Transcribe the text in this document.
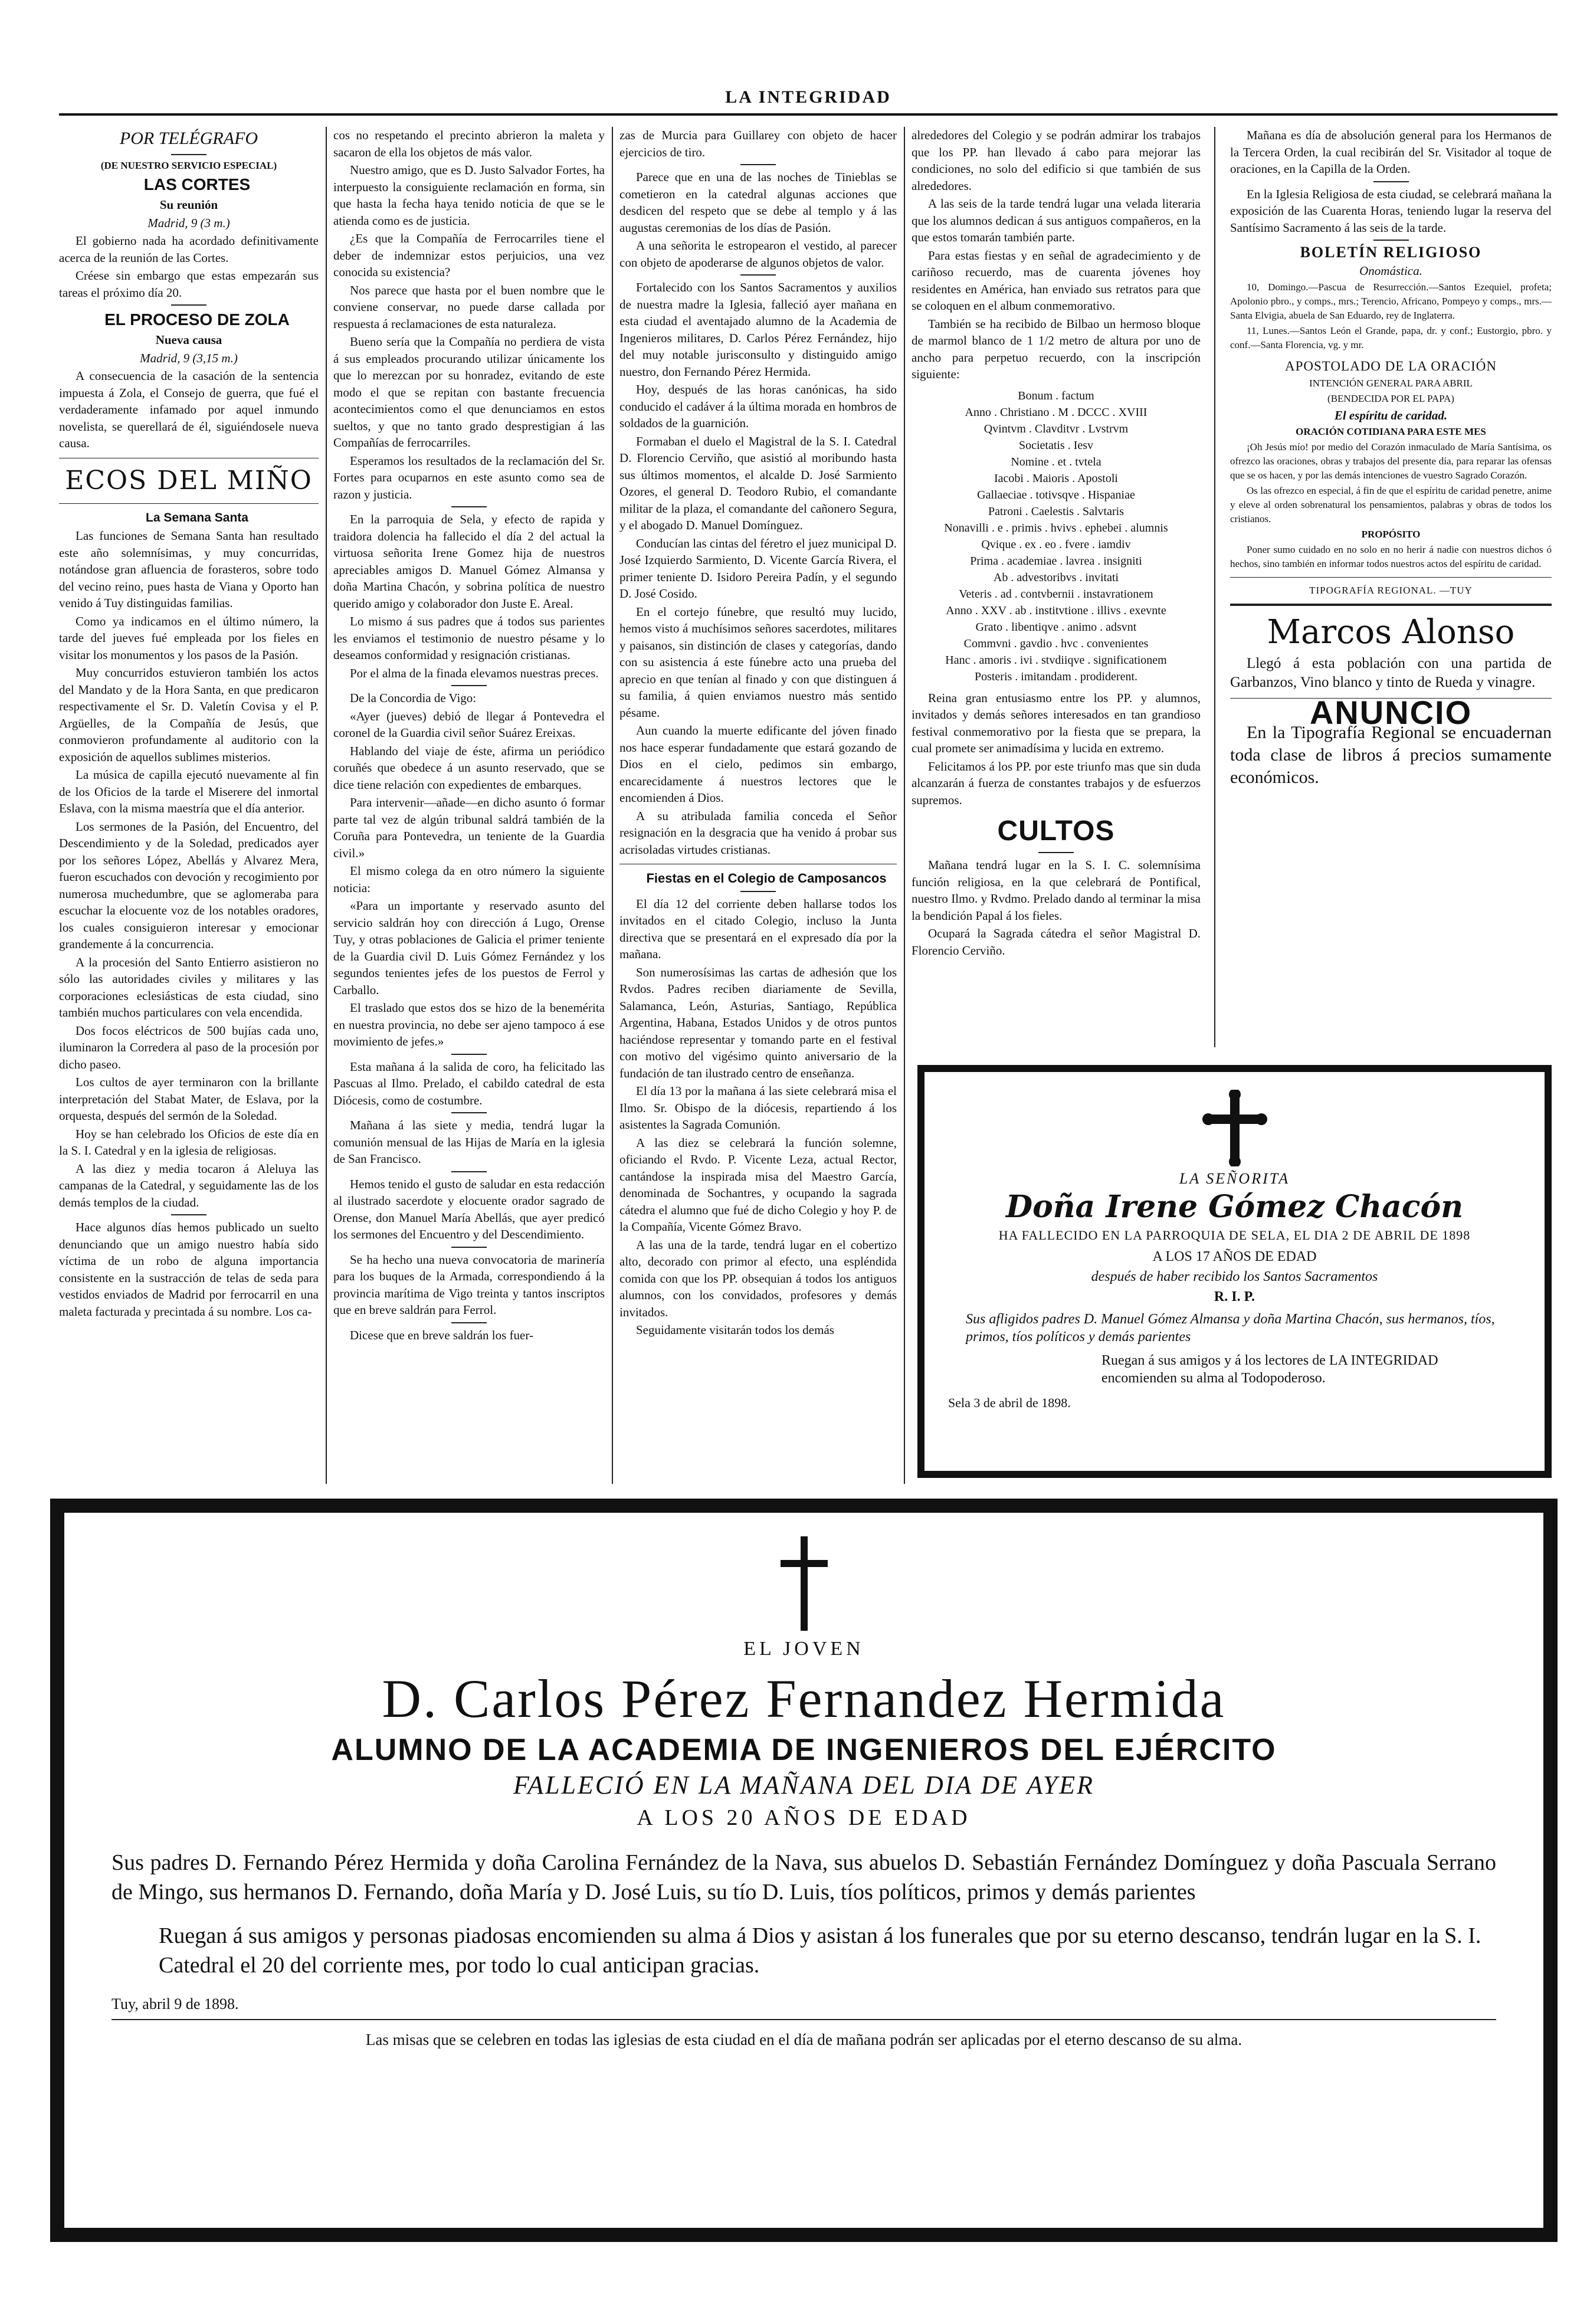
LA INTEGRIDAD

POR TELÉGRAFO

(DE NUESTRO SERVICIO ESPECIAL)

LAS CORTES

Su reunión

Madrid, 9 (3 m.)

El gobierno nada ha acordado definitivamente acerca de la reunión de las Cortes.

Créese sin embargo que estas empezarán sus tareas el próximo día 20.

EL PROCESO DE ZOLA

Nueva causa

Madrid, 9 (3,15 m.)

A consecuencia de la casación de la sentencia impuesta á Zola, el Consejo de guerra, que fué el verdaderamente infamado por aquel inmundo novelista, se querellará de él, siguiéndosele nueva causa.

ECOS DEL MIÑO

La Semana Santa

Las funciones de Semana Santa han resultado este año solemnísimas, y muy concurridas, notándose gran afluencia de forasteros, sobre todo del vecino reino, pues hasta de Viana y Oporto han venido á Tuy distinguidas familias.

Como ya indicamos en el último número, la tarde del jueves fué empleada por los fieles en visitar los monumentos y los pasos de la Pasión.

Muy concurridos estuvieron también los actos del Mandato y de la Hora Santa, en que predicaron respectivamente el Sr. D. Valetín Covisa y el P. Argüelles, de la Compañía de Jesús, que conmovieron profundamente al auditorio con la exposición de aquellos sublimes misterios.

La música de capilla ejecutó nuevamente al fin de los Oficios de la tarde el Miserere del inmortal Eslava, con la misma maestría que el día anterior.

Los sermones de la Pasión, del Encuentro, del Descendimiento y de la Soledad, predicados ayer por los señores López, Abellás y Alvarez Mera, fueron escuchados con devoción y recogimiento por numerosa muchedumbre, que se aglomeraba para escuchar la elocuente voz de los notables oradores, los cuales consiguieron interesar y emocionar grandemente á la concurrencia.

A la procesión del Santo Entierro asistieron no sólo las autoridades civiles y militares y las corporaciones eclesiásticas de esta ciudad, sino también muchos particulares con vela encendida.

Dos focos eléctricos de 500 bujías cada uno, iluminaron la Corredera al paso de la procesión por dicho paseo.

Los cultos de ayer terminaron con la brillante interpretación del Stabat Mater, de Eslava, por la orquesta, después del sermón de la Soledad.

Hoy se han celebrado los Oficios de este día en la S. I. Catedral y en la iglesia de religiosas.

A las diez y media tocaron á Aleluya las campanas de la Catedral, y seguidamente las de los demás templos de la ciudad.

Hace algunos días hemos publicado un suelto denunciando que un amigo nuestro había sido víctima de un robo de alguna importancia consistente en la sustracción de telas de seda para vestidos enviados de Madrid por ferrocarril en una maleta facturada y precintada á su nombre. Los ca-

cos no respetando el precinto abrieron la maleta y sacaron de ella los objetos de más valor.

Nuestro amigo, que es D. Justo Salvador Fortes, ha interpuesto la consiguiente reclamación en forma, sin que hasta la fecha haya tenido noticia de que se le atienda como es de justicia.

¿Es que la Compañía de Ferrocarriles tiene el deber de indemnizar estos perjuicios, una vez conocida su existencia?

Nos parece que hasta por el buen nombre que le conviene conservar, no puede darse callada por respuesta á reclamaciones de esta naturaleza.

Bueno sería que la Compañía no perdiera de vista á sus empleados procurando utilizar únicamente los que lo merezcan por su honradez, evitando de este modo el que se repitan con bastante frecuencia acontecimientos como el que denunciamos en estos sueltos, y que no tanto grado desprestigian á las Compañías de ferrocarriles.

Esperamos los resultados de la reclamación del Sr. Fortes para ocuparnos en este asunto como sea de razon y justicia.

En la parroquia de Sela, y efecto de rapida y traidora dolencia ha fallecido el día 2 del actual la virtuosa señorita Irene Gomez hija de nuestros apreciables amigos D. Manuel Gómez Almansa y doña Martina Chacón, y sobrina política de nuestro querido amigo y colaborador don Juste E. Areal.

Lo mismo á sus padres que á todos sus parientes les enviamos el testimonio de nuestro pésame y lo deseamos conformidad y resignación cristianas.

Por el alma de la finada elevamos nuestras preces.

De la Concordia de Vigo:

«Ayer (jueves) debió de llegar á Pontevedra el coronel de la Guardia civil señor Suárez Ereixas.

Hablando del viaje de éste, afirma un periódico coruñés que obedece á un asunto reservado, que se dice tiene relación con expedientes de embarques.

Para intervenir—añade—en dicho asunto ó formar parte tal vez de algún tribunal saldrá también de la Coruña para Pontevedra, un teniente de la Guardia civil.»

El mismo colega da en otro número la siguiente noticia:

«Para un importante y reservado asunto del servicio saldrán hoy con dirección á Lugo, Orense Tuy, y otras poblaciones de Galicia el primer teniente de la Guardia civil D. Luis Gómez Fernández y los segundos tenientes jefes de los puestos de Ferrol y Carballo.

El traslado que estos dos se hizo de la benemérita en nuestra provincia, no debe ser ajeno tampoco á ese movimiento de jefes.»

Esta mañana á la salida de coro, ha felicitado las Pascuas al Ilmo. Prelado, el cabildo catedral de esta Diócesis, como de costumbre.

Mañana á las siete y media, tendrá lugar la comunión mensual de las Hijas de María en la iglesia de San Francisco.

Hemos tenido el gusto de saludar en esta redacción al ilustrado sacerdote y elocuente orador sagrado de Orense, don Manuel María Abellás, que ayer predicó los sermones del Encuentro y del Descendimiento.

Se ha hecho una nueva convocatoria de marinería para los buques de la Armada, correspondiendo á la provincia marítima de Vigo treinta y tantos inscriptos que en breve saldrán para Ferrol.

Dicese que en breve saldrán los fuer-

zas de Murcia para Guillarey con objeto de hacer ejercicios de tiro.

Parece que en una de las noches de Tinieblas se cometieron en la catedral algunas acciones que desdicen del respeto que se debe al templo y á las augustas ceremonias de los días de Pasión.

A una señorita le estropearon el vestido, al parecer con objeto de apoderarse de algunos objetos de valor.

Fortalecido con los Santos Sacramentos y auxilios de nuestra madre la Iglesia, falleció ayer mañana en esta ciudad el aventajado alumno de la Academia de Ingenieros militares, D. Carlos Pérez Fernández, hijo del muy notable jurisconsulto y distinguido amigo nuestro, don Fernando Pérez Hermida.

Hoy, después de las horas canónicas, ha sido conducido el cadáver á la última morada en hombros de soldados de la guarnición.

Formaban el duelo el Magistral de la S. I. Catedral D. Florencio Cerviño, que asistió al moribundo hasta sus últimos momentos, el alcalde D. José Sarmiento Ozores, el general D. Teodoro Rubio, el comandante militar de la plaza, el comandante del cañonero Segura, y el abogado D. Manuel Domínguez.

Conducían las cintas del féretro el juez municipal D. José Izquierdo Sarmiento, D. Vicente García Rivera, el primer teniente D. Isidoro Pereira Padín, y el segundo D. José Cosido.

En el cortejo fúnebre, que resultó muy lucido, hemos visto á muchísimos señores sacerdotes, militares y paisanos, sin distinción de clases y categorías, dando con su asistencia á este fúnebre acto una prueba del aprecio en que tenían al finado y con que distinguen á su familia, á quien enviamos nuestro más sentido pésame.

Aun cuando la muerte edificante del jóven finado nos hace esperar fundadamente que estará gozando de Dios en el cielo, pedimos sin embargo, encarecidamente á nuestros lectores que le encomienden á Dios.

A su atribulada familia conceda el Señor resignación en la desgracia que ha venido á probar sus acrisoladas virtudes cristianas.

Fiestas en el Colegio de Camposancos

El día 12 del corriente deben hallarse todos los invitados en el citado Colegio, incluso la Junta directiva que se presentará en el expresado día por la mañana.

Son numerosísimas las cartas de adhesión que los Rvdos. Padres reciben diariamente de Sevilla, Salamanca, León, Asturias, Santiago, República Argentina, Habana, Estados Unidos y de otros puntos haciéndose representar y tomando parte en el festival con motivo del vigésimo quinto aniversario de la fundación de tan ilustrado centro de enseñanza.

El día 13 por la mañana á las siete celebrará misa el Ilmo. Sr. Obispo de la diócesis, repartiendo á los asistentes la Sagrada Comunión.

A las diez se celebrará la función solemne, oficiando el Rvdo. P. Vicente Leza, actual Rector, cantándose la inspirada misa del Maestro García, denominada de Sochantres, y ocupando la sagrada cátedra el alumno que fué de dicho Colegio y hoy P. de la Compañía, Vicente Gómez Bravo.

A las una de la tarde, tendrá lugar en el cobertizo alto, decorado con primor al efecto, una espléndida comida con que los PP. obsequian á todos los antiguos alumnos, con los convidados, profesores y demás invitados.

Seguidamente visitarán todos los demás

alrededores del Colegio y se podrán admirar los trabajos que los PP. han llevado á cabo para mejorar las condiciones, no solo del edificio si que también de sus alrededores.

A las seis de la tarde tendrá lugar una velada literaria que los alumnos dedican á sus antiguos compañeros, en la que estos tomarán también parte.

Para estas fiestas y en señal de agradecimiento y de cariñoso recuerdo, mas de cuarenta jóvenes hoy residentes en América, han enviado sus retratos para que se coloquen en el album conmemorativo.

También se ha recibido de Bilbao un hermoso bloque de marmol blanco de 1 1/2 metro de altura por uno de ancho para perpetuo recuerdo, con la inscripción siguiente:

Bonum . factum

Anno . Christiano . M . DCCC . XVIII

Qvintvm . Clavditvr . Lvstrvm

Societatis . Iesv

Nomine . et . tvtela

Iacobi . Maioris . Apostoli

Gallaeciae . totivsqve . Hispaniae

Patroni . Caelestis . Salvtaris

Nonavilli . e . primis . hvivs . ephebei . alumnis

Qvique . ex . eo . fvere . iamdiv

Prima . academiae . lavrea . insigniti

Ab . advestoribvs . invitati

Veteris . ad . contvbernii . instavrationem

Anno . XXV . ab . institvtione . illivs . exevnte

Grato . libentiqve . animo . adsvnt

Commvni . gavdio . hvc . convenientes

Hanc . amoris . ivi . stvdiiqve . significationem

Posteris . imitandam . prodiderent.

Reina gran entusiasmo entre los PP. y alumnos, invitados y demás señores interesados en tan grandioso festival conmemorativo por la fiesta que se prepara, la cual promete ser animadísima y lucida en extremo.

Felicitamos á los PP. por este triunfo mas que sin duda alcanzarán á fuerza de constantes trabajos y de esfuerzos supremos.

CULTOS

Mañana tendrá lugar en la S. I. C. solemnísima función religiosa, en la que celebrará de Pontifical, nuestro Ilmo. y Rvdmo. Prelado dando al terminar la misa la bendición Papal á los fieles.

Ocupará la Sagrada cátedra el señor Magistral D. Florencio Cerviño.

Mañana es día de absolución general para los Hermanos de la Tercera Orden, la cual recibirán del Sr. Visitador al toque de oraciones, en la Capilla de la Orden.

En la Iglesia Religiosa de esta ciudad, se celebrará mañana la exposición de las Cuarenta Horas, teniendo lugar la reserva del Santísimo Sacramento á las seis de la tarde.

BOLETÍN RELIGIOSO

Onomástica.

10, Domingo.—Pascua de Resurrección.—Santos Ezequiel, profeta; Apolonio pbro., y comps., mrs.; Terencio, Africano, Pompeyo y comps., mrs.—Santa Elvigia, abuela de San Eduardo, rey de Inglaterra.

11, Lunes.—Santos León el Grande, papa, dr. y conf.; Eustorgio, pbro. y conf.—Santa Florencia, vg. y mr.

APOSTOLADO DE LA ORACIÓN

INTENCIÓN GENERAL PARA ABRIL

(BENDECIDA POR EL PAPA)

El espíritu de caridad.

ORACIÓN COTIDIANA PARA ESTE MES

¡Oh Jesús mío! por medio del Corazón inmaculado de María Santísima, os ofrezco las oraciones, obras y trabajos del presente día, para reparar las ofensas que se os hacen, y por las demás intenciones de vuestro Sagrado Corazón.

Os las ofrezco en especial, á fin de que el espíritu de caridad penetre, anime y eleve al orden sobrenatural los pensamientos, palabras y obras de todos los cristianos.

PROPÓSITO

Poner sumo cuidado en no solo en no herir á nadie con nuestros dichos ó hechos, sino también en informar todos nuestros actos del espíritu de caridad.

TIPOGRAFÍA REGIONAL. —TUY

Marcos Alonso

Llegó á esta población con una partida de Garbanzos, Vino blanco y tinto de Rueda y vinagre.

ANUNCIO

En la Tipografía Regional se encuadernan toda clase de libros á precios sumamente económicos.

LA SEÑORITA
Doña Irene Gómez Chacón
HA FALLECIDO EN LA PARROQUIA DE SELA, EL DIA 2 DE ABRIL DE 1898
A LOS 17 AÑOS DE EDAD
después de haber recibido los Santos Sacramentos
R. I. P.
Sus afligidos padres D. Manuel Gómez Almansa y doña Martina Chacón, sus hermanos, tíos, primos, tíos políticos y demás parientes
Ruegan á sus amigos y á los lectores de LA INTEGRIDAD encomienden su alma al Todopoderoso.
Sela 3 de abril de 1898.
EL JOVEN
D. Carlos Pérez Fernandez Hermida
ALUMNO DE LA ACADEMIA DE INGENIEROS DEL EJÉRCITO
FALLECIÓ EN LA MAÑANA DEL DIA DE AYER
A LOS 20 AÑOS DE EDAD
Sus padres D. Fernando Pérez Hermida y doña Carolina Fernández de la Nava, sus abuelos D. Sebastián Fernández Domínguez y doña Pascuala Serrano de Mingo, sus hermanos D. Fernando, doña María y D. José Luis, su tío D. Luis, tíos políticos, primos y demás parientes
Ruegan á sus amigos y personas piadosas encomienden su alma á Dios y asistan á los funerales que por su eterno descanso, tendrán lugar en la S. I. Catedral el 20 del corriente mes, por todo lo cual anticipan gracias.
Tuy, abril 9 de 1898.
Las misas que se celebren en todas las iglesias de esta ciudad en el día de mañana podrán ser aplicadas por el eterno descanso de su alma.
